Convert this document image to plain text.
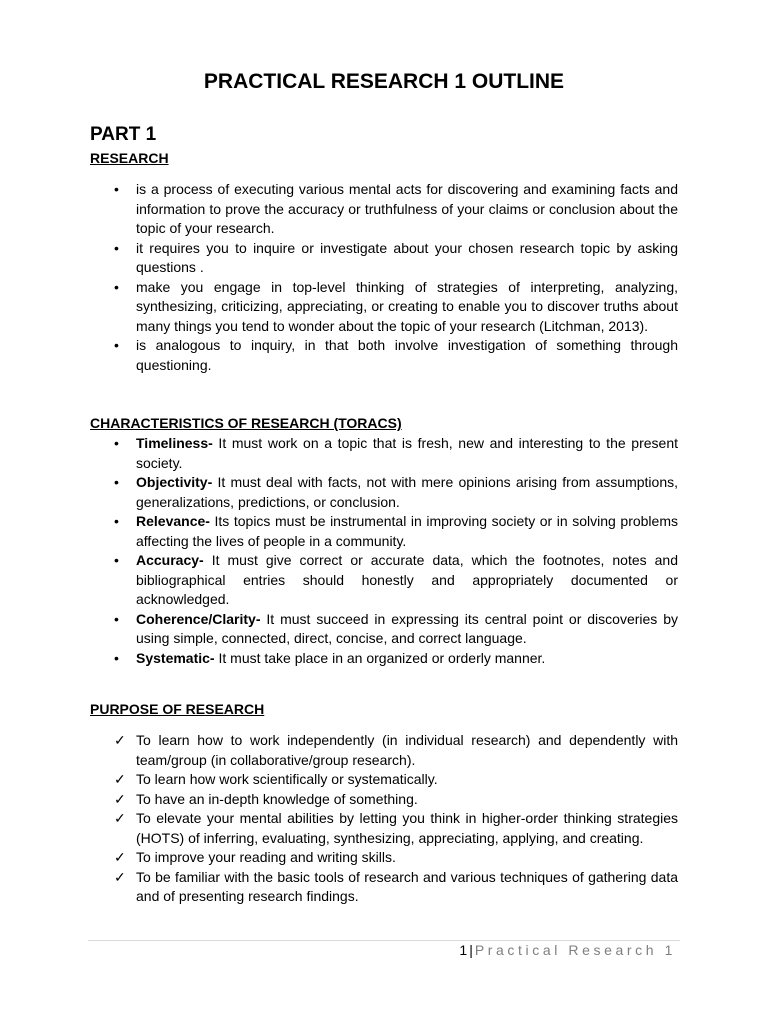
PRACTICAL RESEARCH 1 OUTLINE
PART 1
RESEARCH
•	is a process of executing various mental acts for discovering and examining facts and information to prove the accuracy or truthfulness of your claims or conclusion about the topic of your research.
•	it requires you to inquire or investigate about your chosen research topic by asking questions .
•	make you engage in top-level thinking of strategies of interpreting, analyzing, synthesizing, criticizing, appreciating, or creating to enable you to discover truths about many things you tend to wonder about the topic of your research (Litchman, 2013).
•	is analogous to inquiry, in that both involve investigation of something through questioning.
CHARACTERISTICS OF RESEARCH (TORACS)
•	Timeliness- It must work on a topic that is fresh, new and interesting to the present society.
•	Objectivity- It must deal with facts, not with mere opinions arising from assumptions, generalizations, predictions, or conclusion.
•	Relevance- Its topics must be instrumental in improving society or in solving problems affecting the lives of people in a community.
•	Accuracy- It must give correct or accurate data, which the footnotes, notes and bibliographical entries should honestly and appropriately documented or acknowledged.
•	Coherence/Clarity- It must succeed in expressing its central point or discoveries by using simple, connected, direct, concise, and correct language.
•	Systematic- It must take place in an organized or orderly manner.
PURPOSE OF RESEARCH
✓ To learn how to work independently (in individual research) and dependently with team/group (in collaborative/group research).
✓ To learn how work scientifically or systematically.
✓ To have an in-depth knowledge of something.
✓ To elevate your mental abilities by letting you think in higher-order thinking strategies (HOTS) of inferring, evaluating, synthesizing, appreciating, applying, and creating.
✓ To improve your reading and writing skills.
✓ To be familiar with the basic tools of research and various techniques of gathering data and of presenting research findings.
1 | Practical Research 1
